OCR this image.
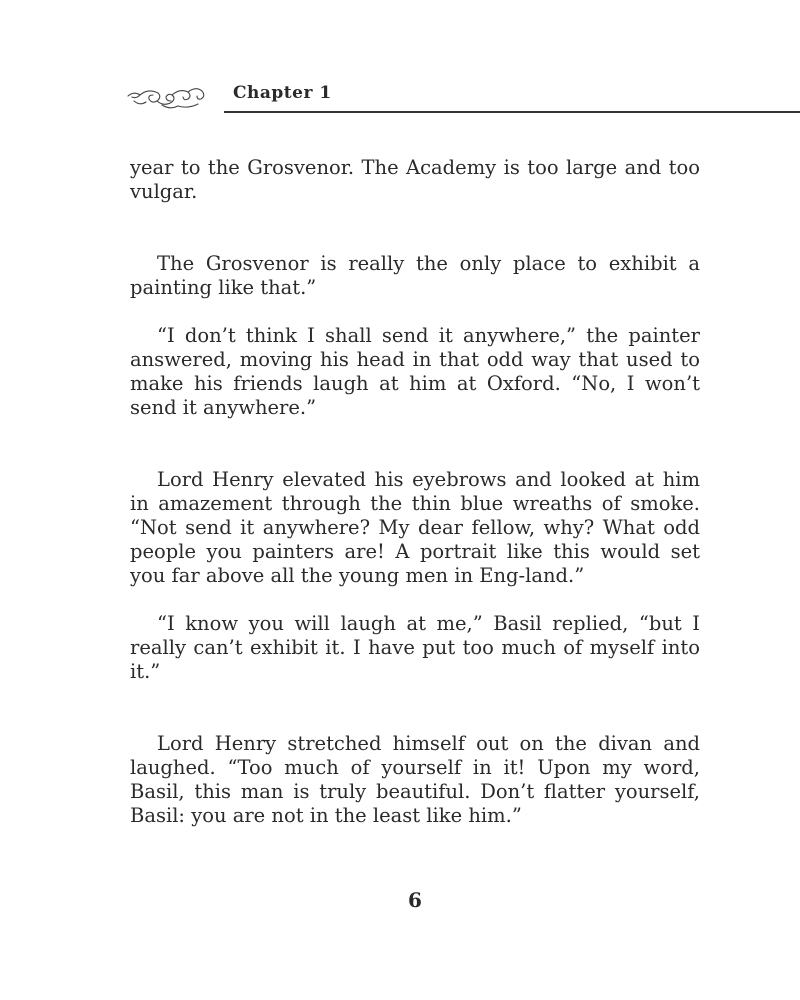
Chapter 1

year to the Grosvenor. The Academy is too large and too vulgar.

The Grosvenor is really the only place to exhibit a painting like that.”

“I don’t think I shall send it anywhere,” the painter answered, moving his head in that odd way that used to make his friends laugh at him at Oxford. “No, I won’t send it anywhere.”

Lord Henry elevated his eyebrows and looked at him in amazement through the thin blue wreaths of smoke. “Not send it anywhere? My dear fellow, why? What odd people you painters are! A portrait like this would set you far above all the young men in Eng-land.”

“I know you will laugh at me,” Basil replied, “but I really can’t exhibit it. I have put too much of myself into it.”

Lord Henry stretched himself out on the divan and laughed. “Too much of yourself in it! Upon my word, Basil, this man is truly beautiful. Don’t flatter yourself, Basil: you are not in the least like him.”

6
